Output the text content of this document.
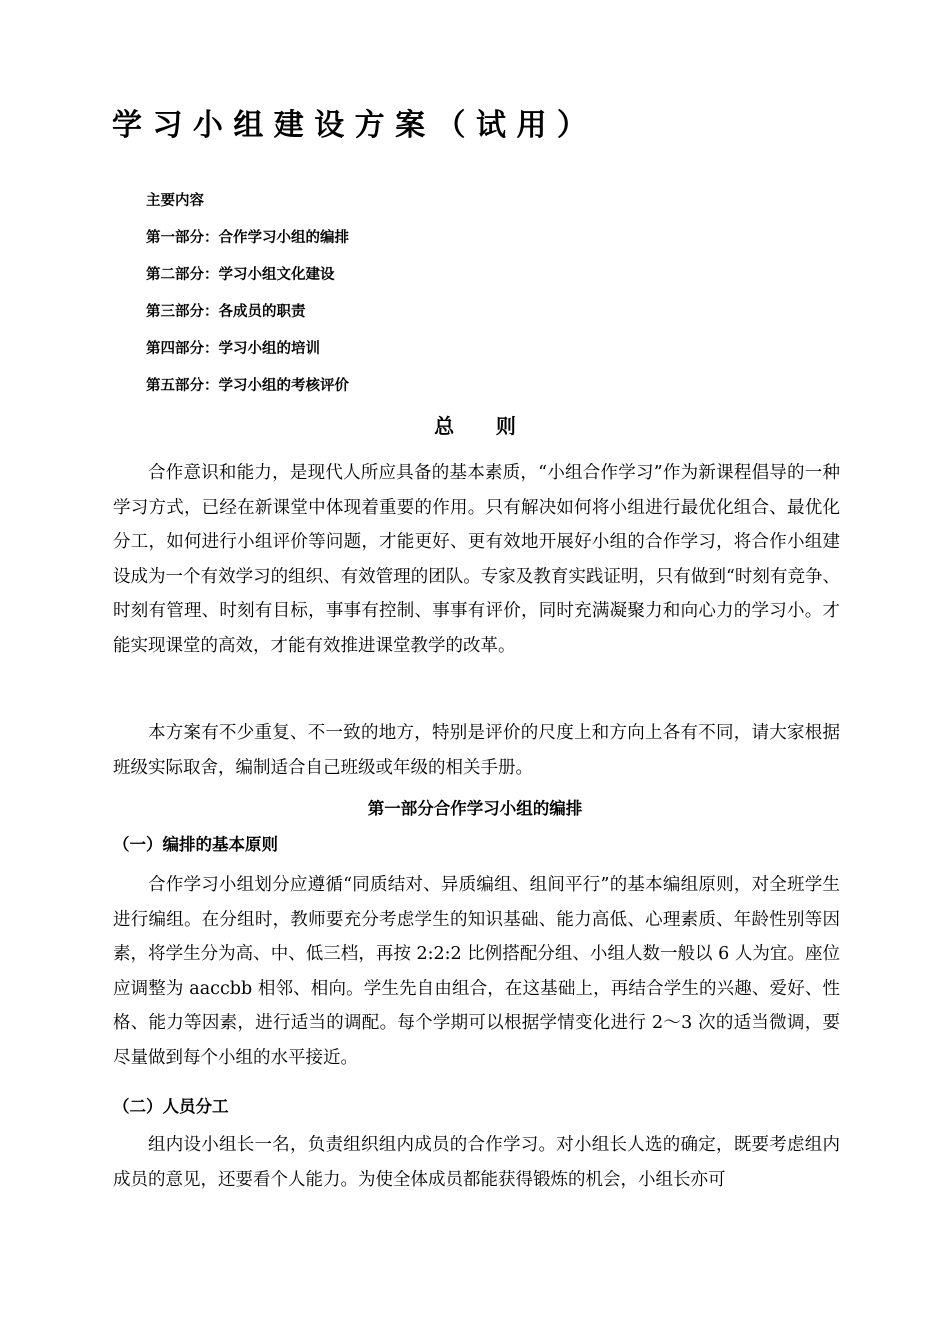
学 习 小 组 建 设 方 案 （ 试 用 ）
主要内容
第一部分：合作学习小组的编排
第二部分：学习小组文化建设
第三部分：各成员的职责
第四部分：学习小组的培训
第五部分：学习小组的考核评价
总      则
合作意识和能力，是现代人所应具备的基本素质，“小组合作学习”作为新课程倡导的一种学习方式，已经在新课堂中体现着重要的作用。只有解决如何将小组进行最优化组合、最优化分工，如何进行小组评价等问题，才能更好、更有效地开展好小组的合作学习，将合作小组建设成为一个有效学习的组织、有效管理的团队。专家及教育实践证明，只有做到“时刻有竞争、时刻有管理、时刻有目标，事事有控制、事事有评价，同时充满凝聚力和向心力的学习小。才能实现课堂的高效，才能有效推进课堂教学的改革。
本方案有不少重复、不一致的地方，特别是评价的尺度上和方向上各有不同，请大家根据班级实际取舍，编制适合自己班级或年级的相关手册。
第一部分合作学习小组的编排
（一）编排的基本原则
合作学习小组划分应遵循“同质结对、异质编组、组间平行”的基本编组原则，对全班学生进行编组。在分组时，教师要充分考虑学生的知识基础、能力高低、心理素质、年龄性别等因素，将学生分为高、中、低三档，再按 2:2:2 比例搭配分组、小组人数一般以 6 人为宜。座位应调整为 aaccbb 相邻、相向。学生先自由组合，在这基础上，再结合学生的兴趣、爱好、性格、能力等因素，进行适当的调配。每个学期可以根据学情变化进行 2～3 次的适当微调，要尽量做到每个小组的水平接近。
（二）人员分工
组内设小组长一名，负责组织组内成员的合作学习。对小组长人选的确定，既要考虑组内成员的意见，还要看个人能力。为使全体成员都能获得锻炼的机会，小组长亦可
